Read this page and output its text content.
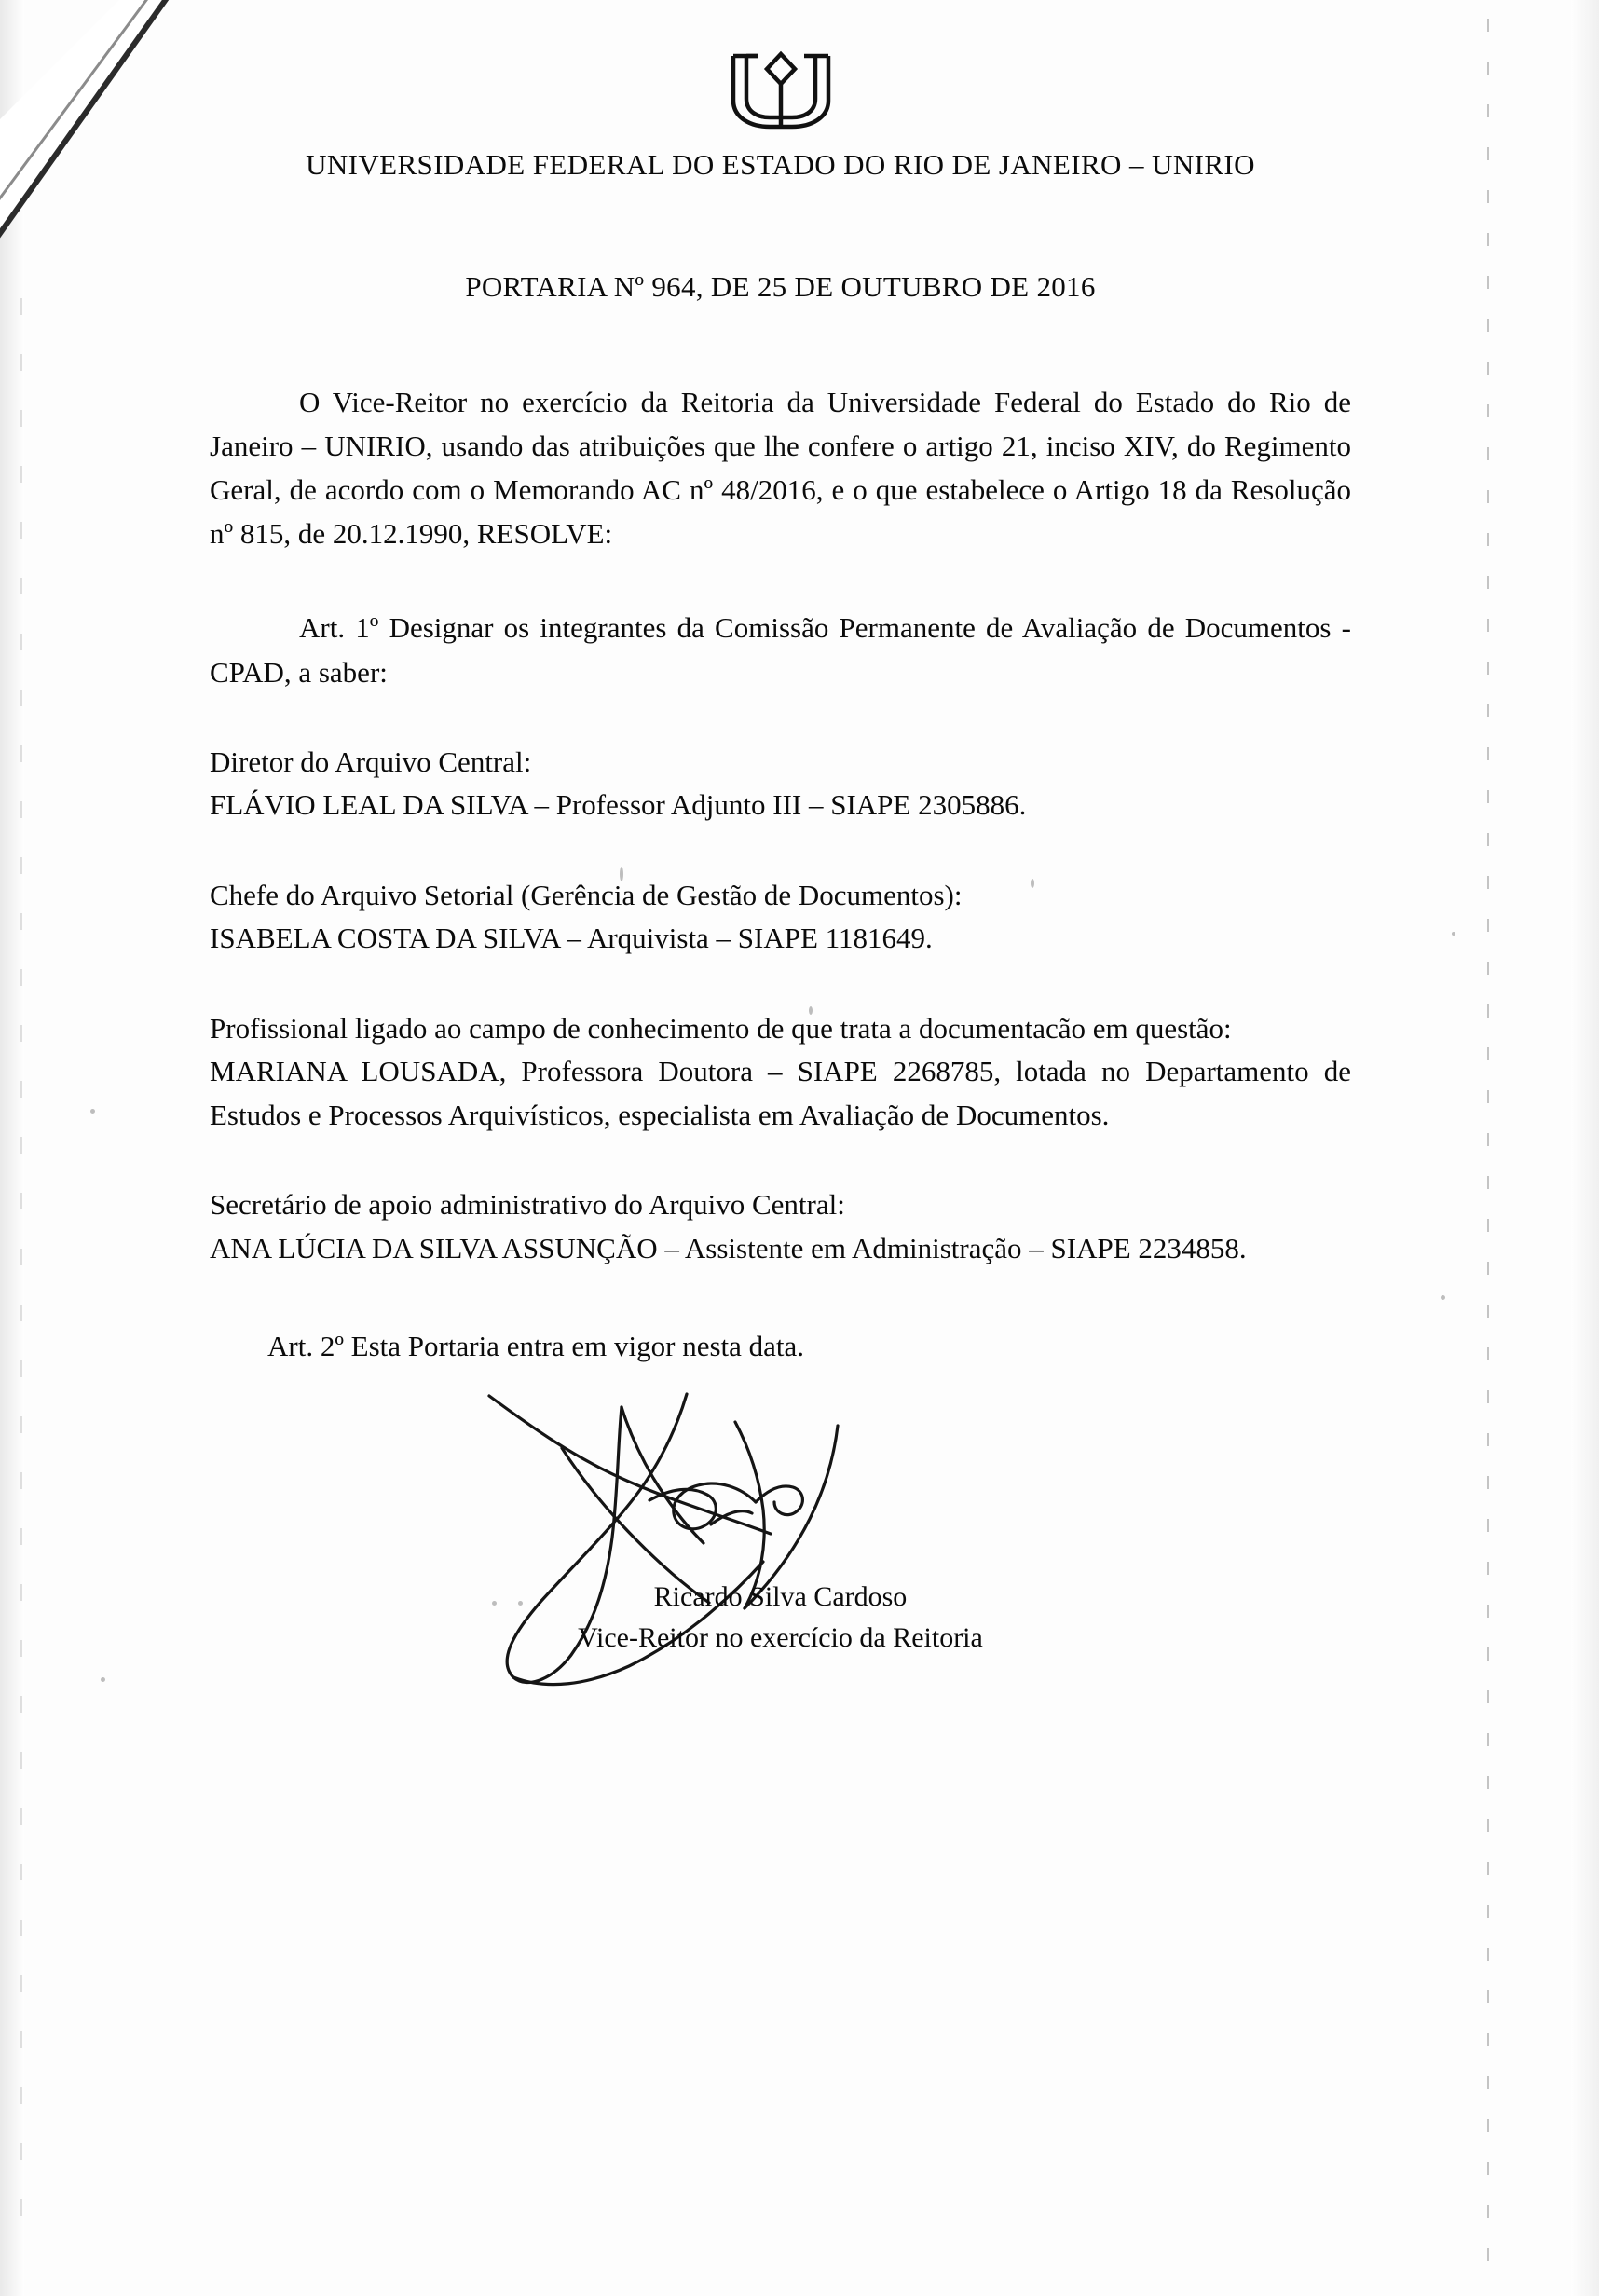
UNIVERSIDADE FEDERAL DO ESTADO DO RIO DE JANEIRO – UNIRIO
PORTARIA Nº 964, DE 25 DE OUTUBRO DE 2016

O Vice-Reitor no exercício da Reitoria da Universidade Federal do Estado do Rio de Janeiro – UNIRIO, usando das atribuições que lhe confere o artigo 21, inciso XIV, do Regimento Geral, de acordo com o Memorando AC nº 48/2016, e o que estabelece o Artigo 18 da Resolução nº 815, de 20.12.1990, RESOLVE:

Art. 1º Designar os integrantes da Comissão Permanente de Avaliação de Documentos - CPAD, a saber:

Diretor do Arquivo Central:
FLÁVIO LEAL DA SILVA – Professor Adjunto III – SIAPE 2305886.
Chefe do Arquivo Setorial (Gerência de Gestão de Documentos):
ISABELA COSTA DA SILVA – Arquivista – SIAPE 1181649.
Profissional ligado ao campo de conhecimento de que trata a documentacão em questão:
MARIANA LOUSADA, Professora Doutora – SIAPE 2268785, lotada no Departamento de Estudos e Processos Arquivísticos, especialista em Avaliação de Documentos.
Secretário de apoio administrativo do Arquivo Central:
ANA LÚCIA DA SILVA ASSUNÇÃO – Assistente em Administração – SIAPE 2234858.

Art. 2º Esta Portaria entra em vigor nesta data.

Ricardo Silva Cardoso
Vice-Reitor no exercício da Reitoria
